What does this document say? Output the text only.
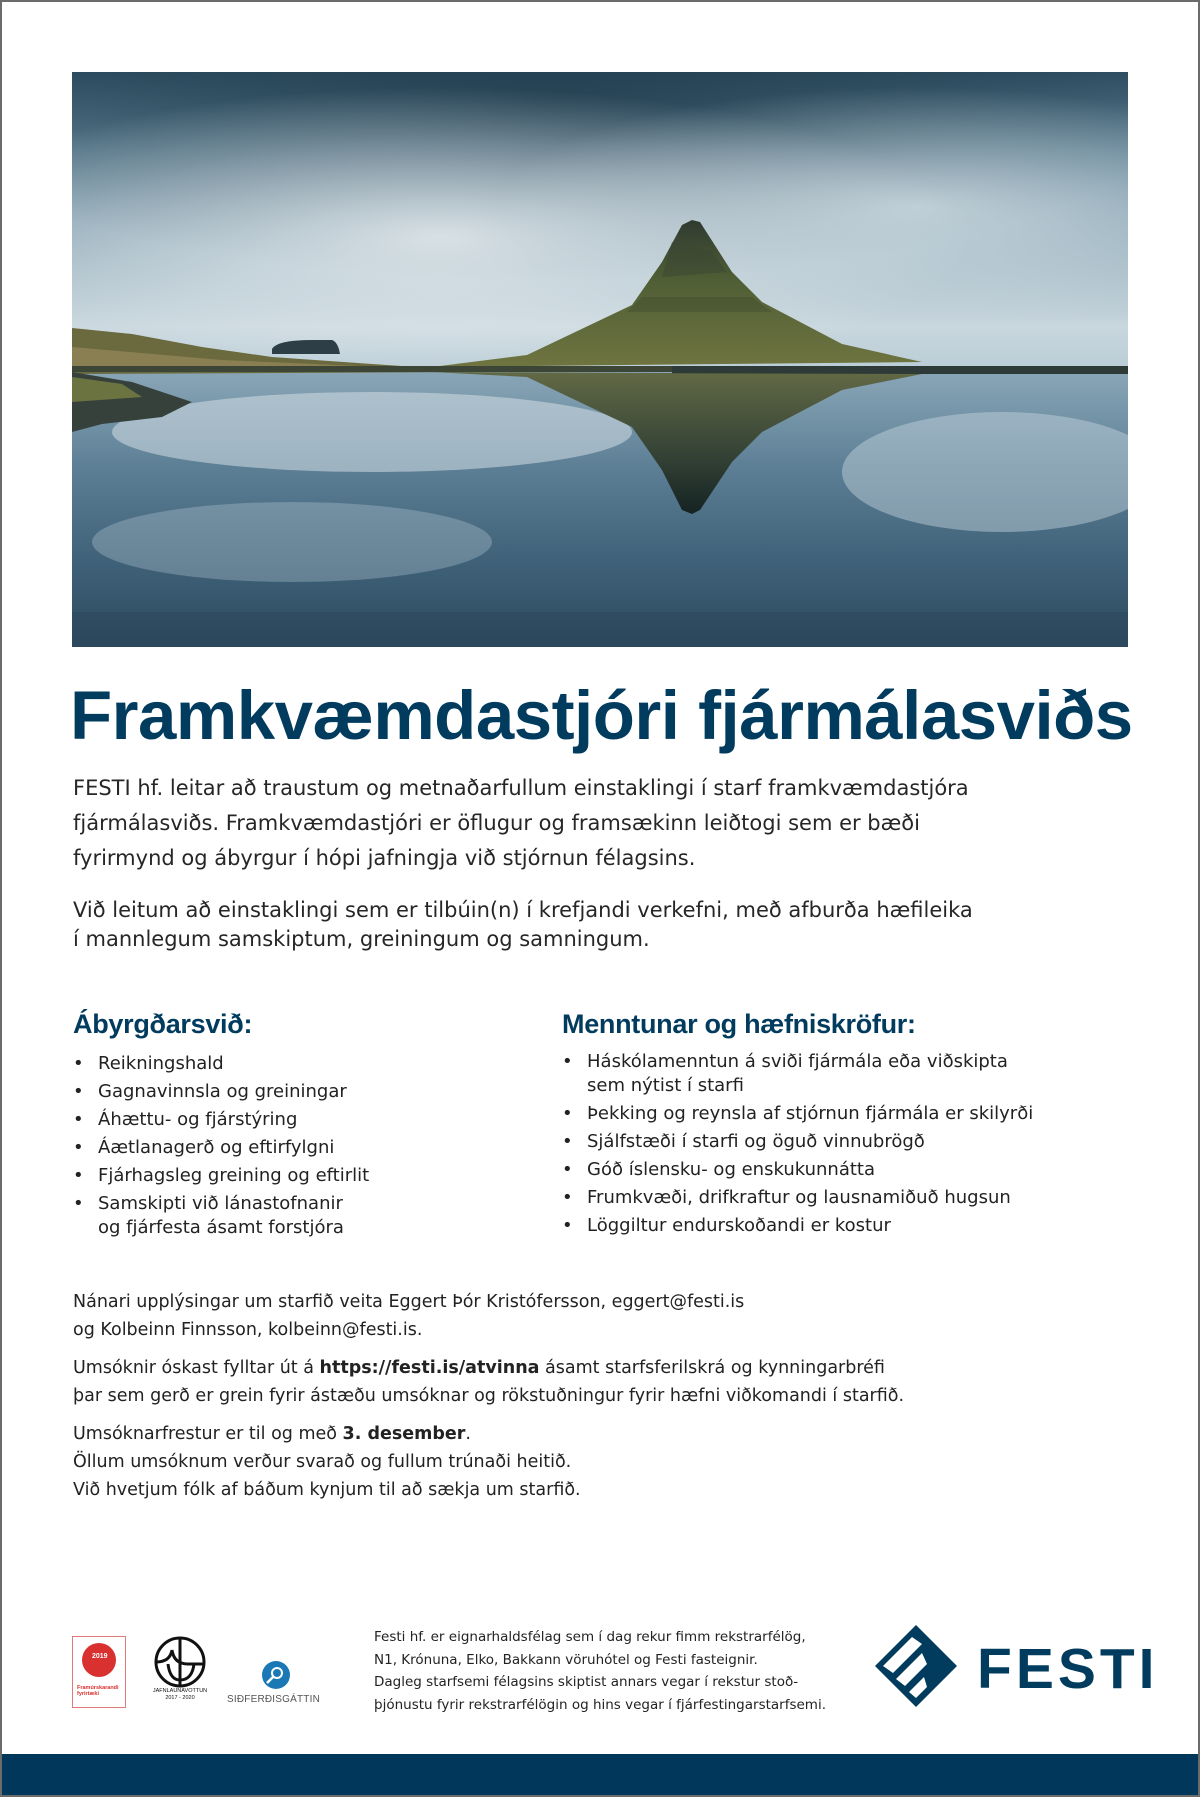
Framkvæmdastjóri fjármálasviðs

FESTI hf. leitar að traustum og metnaðarfullum einstaklingi í starf framkvæmdastjóra
fjármálasviðs. Framkvæmdastjóri er öflugur og framsækinn leiðtogi sem er bæði
fyrirmynd og ábyrgur í hópi jafningja við stjórnun félagsins.

Við leitum að einstaklingi sem er tilbúin(n) í krefjandi verkefni, með afburða hæfileika
í mannlegum samskiptum, greiningum og samningum.

Ábyrgðarsvið:
• Reikningshald
• Gagnavinnsla og greiningar
• Áhættu- og fjárstýring
• Áætlanagerð og eftirfylgni
• Fjárhagsleg greining og eftirlit
• Samskipti við lánastofnanir
og fjárfesta ásamt forstjóra
Menntunar og hæfniskröfur:
• Háskólamenntun á sviði fjármála eða viðskipta
sem nýtist í starfi
• Þekking og reynsla af stjórnun fjármála er skilyrði
• Sjálfstæði í starfi og öguð vinnubrögð
• Góð íslensku- og enskukunnátta
• Frumkvæði, drifkraftur og lausnamiðuð hugsun
• Löggiltur endurskoðandi er kostur

Nánari upplýsingar um starfið veita Eggert Þór Kristófersson, eggert@festi.is
og Kolbeinn Finnsson, kolbeinn@festi.is.

Umsóknir óskast fylltar út á https://festi.is/atvinna ásamt starfsferilskrá og kynningarbréfi
þar sem gerð er grein fyrir ástæðu umsóknar og rökstuðningur fyrir hæfni viðkomandi í starfið.

Umsóknarfrestur er til og með 3. desember.
Öllum umsóknum verður svarað og fullum trúnaði heitið.
Við hvetjum fólk af báðum kynjum til að sækja um starfið.

2019
Framúrskarandi fyrirtæki	JAFNLAUNAVOTTUN
2017 - 2020	SIÐFERÐISGÁTTIN
Festi hf. er eignarhaldsfélag sem í dag rekur fimm rekstrarfélög,
N1, Krónuna, Elko, Bakkann vöruhótel og Festi fasteignir.
Dagleg starfsemi félagsins skiptist annars vegar í rekstur stoð-
þjónustu fyrir rekstrarfélögin og hins vegar í fjárfestingarstarfsemi.
FESTI
